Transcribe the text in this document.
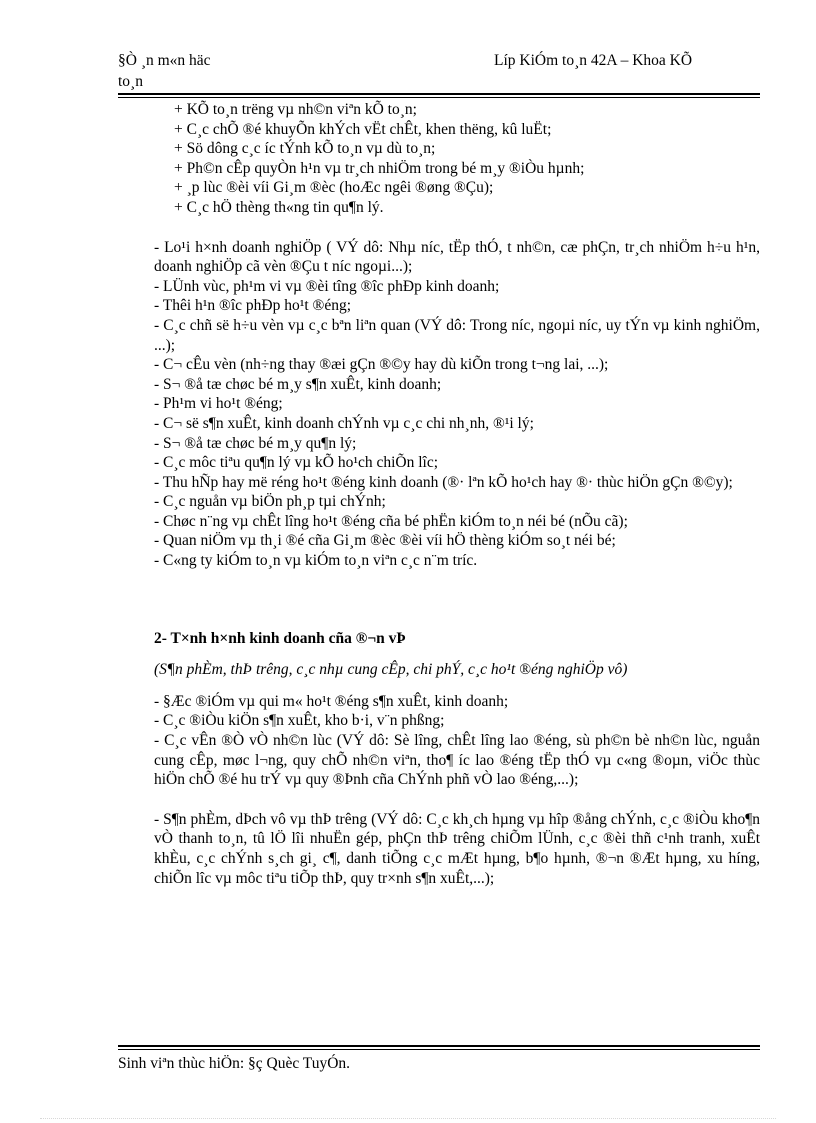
§Ò ¸n m«n häc
to¸n
Líp KiÓm to¸n 42A – Khoa KÕ
+ KÕ to¸n trëng vµ nh©n viªn kÕ to¸n;
+ C¸c chÕ ®é khuyÕn khÝch vËt chÊt, khen thëng, kû luËt;
+ Sö dông c¸c íc tÝnh kÕ to¸n vµ dù to¸n;
+ Ph©n cÊp quyÒn h¹n vµ tr¸ch nhiÖm trong bé m¸y ®iÒu hµnh;
+ ¸p lùc ®èi víi Gi¸m ®èc (hoÆc ngêi ®øng ®Çu);
+ C¸c hÖ thèng th«ng tin qu¶n lý.
- Lo¹i h×nh doanh nghiÖp ( VÝ dô: Nhµ níc, tËp thÓ, t nh©n, cæ phÇn, tr¸ch nhiÖm h÷u h¹n, doanh nghiÖp cã vèn ®Çu t níc ngoµi...);
- LÜnh vùc, ph¹m vi vµ ®èi tîng ®îc phÐp kinh doanh;
- Thêi h¹n ®îc phÐp ho¹t ®éng;
- C¸c chñ së h÷u vèn vµ c¸c bªn liªn quan (VÝ dô: Trong níc, ngoµi níc, uy tÝn vµ kinh nghiÖm, ...);
- C¬ cÊu vèn (nh÷ng thay ®æi gÇn ®©y hay dù kiÕn trong t¬ng lai, ...);
- S¬ ®å tæ chøc bé m¸y s¶n xuÊt, kinh doanh;
- Ph¹m vi ho¹t ®éng;
- C¬ së s¶n xuÊt, kinh doanh chÝnh vµ c¸c chi nh¸nh, ®¹i lý;
- S¬ ®å tæ chøc bé m¸y qu¶n lý;
- C¸c môc tiªu qu¶n lý vµ kÕ ho¹ch chiÕn lîc;
- Thu hÑp hay më réng ho¹t ®éng kinh doanh (®· lªn kÕ ho¹ch hay ®· thùc hiÖn gÇn ®©y);
- C¸c nguån vµ biÖn ph¸p tµi chÝnh;
- Chøc n¨ng vµ chÊt lîng ho¹t ®éng cña bé phËn kiÓm to¸n néi bé (nÕu cã);
- Quan niÖm vµ th¸i ®é cña Gi¸m ®èc ®èi víi hÖ thèng kiÓm so¸t néi bé;
- C«ng ty kiÓm to¸n vµ kiÓm to¸n viªn c¸c n¨m tríc.
2- T×nh h×nh kinh doanh cña ®¬n vÞ
(S¶n phÈm, thÞ trêng, c¸c nhµ cung cÊp, chi phÝ, c¸c ho¹t ®éng nghiÖp vô)
- §Æc ®iÓm vµ qui m« ho¹t ®éng s¶n xuÊt, kinh doanh;
- C¸c ®iÒu kiÖn s¶n xuÊt, kho b·i, v¨n phßng;
- C¸c vÊn ®Ò vÒ nh©n lùc (VÝ dô: Sè lîng, chÊt lîng lao ®éng, sù ph©n bè nh©n lùc, nguån cung cÊp, møc l¬ng, quy chÕ nh©n viªn, tho¶ íc lao ®éng tËp thÓ vµ c«ng ®oµn, viÖc thùc hiÖn chÕ ®é hu trÝ vµ quy ®Þnh cña ChÝnh phñ vÒ lao ®éng,...);
- S¶n phÈm, dÞch vô vµ thÞ trêng (VÝ dô: C¸c kh¸ch hµng vµ hîp ®ång chÝnh, c¸c ®iÒu kho¶n vÒ thanh to¸n, tû lÖ lîi nhuËn gép, phÇn thÞ trêng chiÕm lÜnh, c¸c ®èi thñ c¹nh tranh, xuÊt khÈu, c¸c chÝnh s¸ch gi¸ c¶, danh tiÕng c¸c mÆt hµng, b¶o hµnh, ®¬n ®Æt hµng, xu híng, chiÕn lîc vµ môc tiªu tiÕp thÞ, quy tr×nh s¶n xuÊt,...);
Sinh viªn thùc hiÖn: §ç Quèc TuyÓn.
